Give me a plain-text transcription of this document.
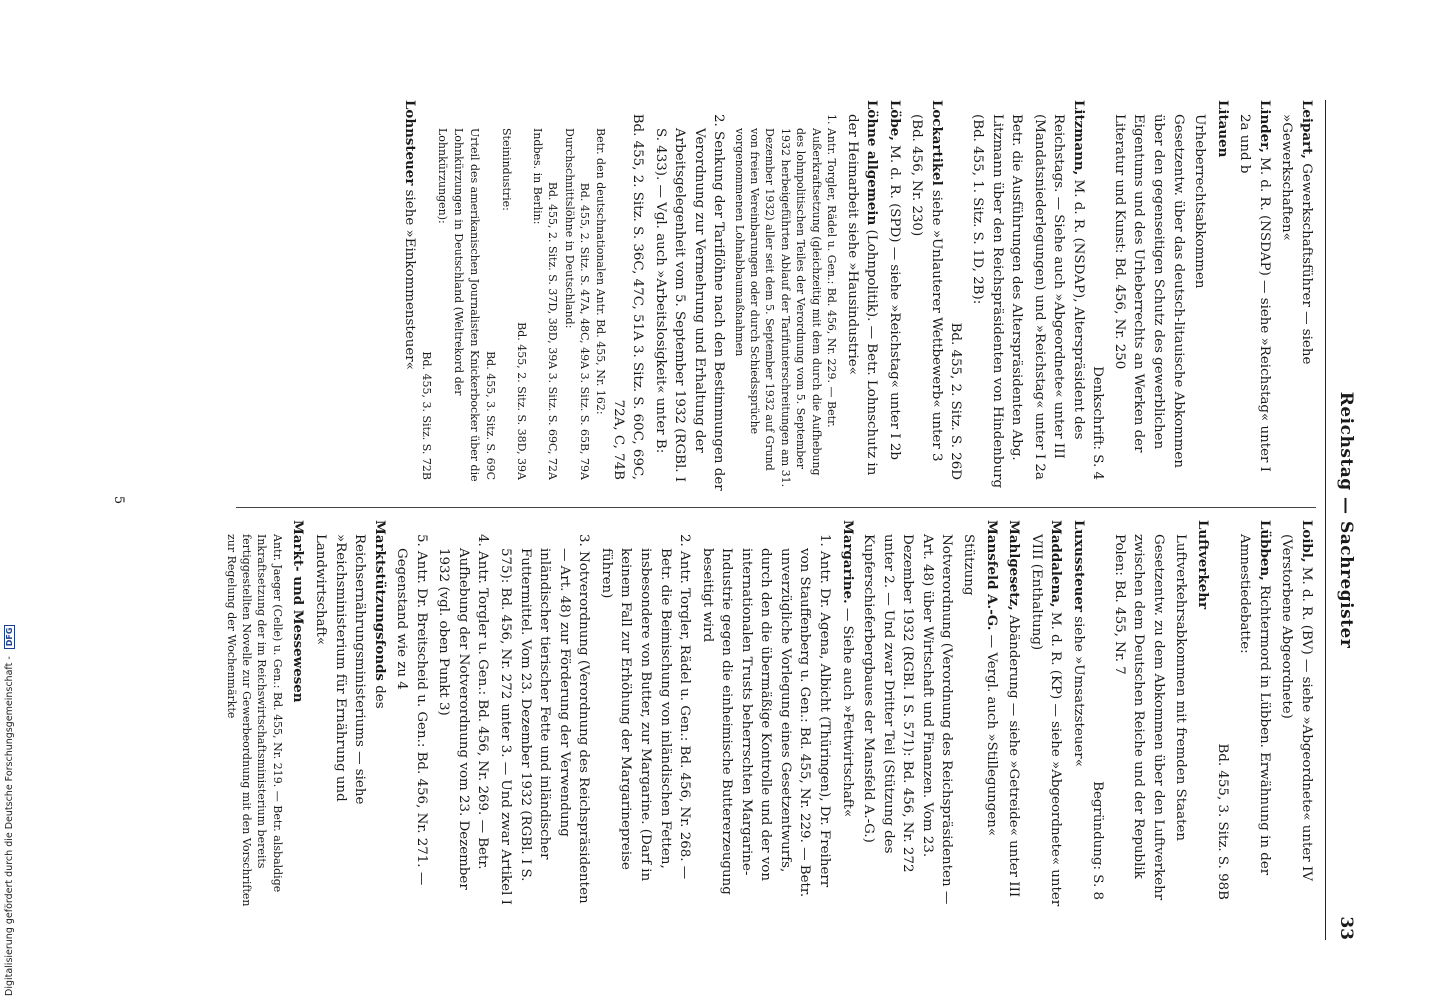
Reichstag — Sachregister
33
Leipart, Gewerkschaftsführer — siehe »Gewerkschaften«
Linder, M. d. R. (NSDAP) — siehe »Reichstag« unter I 2a und b
Litauen
Urheberrechtsabkommen
Gesetzentw. über das deutsch-litauische Abkommen über den gegenseitigen Schutz des gewerblichen Eigentums und des Urheberrechts an Werken der Literatur und Kunst: Bd. 456, Nr. 250
Denkschrift: S. 4
Litzmann, M. d. R. (NSDAP), Alterspräsident des Reichstags. — Siehe auch »Abgeordnete« unter III (Mandatsniederlegungen) und »Reichstag« unter I 2a
Betr. die Ausführungen des Alterspräsidenten Abg. Litzmann über den Reichspräsidenten von Hindenburg (Bd. 455, 1. Sitz. S. 1D, 2B):
Bd. 455, 2. Sitz. S. 26D
Lockartikel siehe »Unlauterer Wettbewerb« unter 3 (Bd. 456, Nr. 230)
Löbe, M. d. R. (SPD) — siehe »Reichstag« unter I 2b
Löhne allgemein (Lohnpolitik). — Betr. Lohnschutz in der Heimarbeit siehe »Hausindustrie«
1. Antr. Torgler, Rädel u. Gen.: Bd. 456, Nr. 229. — Betr. Außerkraftsetzung (gleichzeitig mit dem durch die Aufhebung des lohnpolitischen Teiles der Verordnung vom 5. September 1932 herbeigeführten Ablauf der Tarifunterschreitungen am 31. Dezember 1932) aller seit dem 5. September 1932 auf Grund von freien Vereinbarungen oder durch Schiedssprüche vorgenommenen Lohnabbaumaßnahmen
2. Senkung der Tariflöhne nach den Bestimmungen der Verordnung zur Vermehrung und Erhaltung der Arbeitsgelegenheit vom 5. September 1932 (RGBl. I S. 433). — Vgl. auch »Arbeitslosigkeit« unter B:
Bd. 455, 2. Sitz. S. 36C, 47C, 51A 3. Sitz. S. 60C, 69C, 72A, C, 74B
Betr. den deutschnationalen Antr. Bd. 455, Nr. 162:
Bd. 455, 2. Sitz. S. 47A, 48C, 49A 3. Sitz. S. 65B, 79A
Durchschnittslöhne in Deutschland:
Bd. 455, 2. Sitz. S. 37D, 38D, 39A 3. Sitz. S. 69C, 72A
Indbes. in Berlin:
Bd. 455, 2. Sitz. S. 38D, 39A
Steinindustrie:
Bd. 455, 3. Sitz. S. 69C
Urteil des amerikanischen Journalisten Knickerbocker über die Lohnkürzungen in Deutschland (Weltrekord der Lohnkürzungen):
Bd. 455, 3. Sitz. S. 72B
Lohnsteuer siehe »Einkommensteuer«
Loibl, M. d. R. (BV) — siehe »Abgeordnete« unter IV (Verstorbene Abgeordnete)
Lübben, Richtermord in Lübben. Erwähnung in der Amnestiedebatte:
Bd. 455, 3. Sitz. S. 98B
Luftverkehr
Luftverkehrsabkommen mit fremden Staaten
Gesetzentw. zu dem Abkommen über den Luftverkehr zwischen dem Deutschen Reiche und der Republik Polen: Bd. 455, Nr. 7
Begründung: S. 8
Luxussteuer siehe »Umsatzsteuer«
Maddalena, M. d. R. (KP) — siehe »Abgeordnete« unter VIII (Enthaltung)
Mahlgesetz, Abänderung — siehe »Getreide« unter III
Mansfeld A.-G. — Vergl. auch »Stillegungen«
Stützung
Notverordnung (Verordnung des Reichspräsidenten — Art. 48) über Wirtschaft und Finanzen. Vom 23. Dezember 1932 (RGBl. I S. 571): Bd. 456, Nr. 272 unter 2. — Und zwar Dritter Teil (Stützung des Kupferschieferbergbaues der Mansfeld A.-G.)
Margarine. — Siehe auch »Fettwirtschaft«
1. Antr. Dr. Agena, Albicht (Thüringen), Dr. Freiherr von Stauffenberg u. Gen.: Bd. 455, Nr. 229. — Betr. unverzügliche Vorlegung eines Gesetzentwurfs, durch den die übermäßige Kontrolle und der von internationalen Trusts beherrschten Margarine-Industrie gegen die einheimische Buttererzeugung beseitigt wird
2. Antr. Torgler, Rädel u. Gen.: Bd. 456, Nr. 268. — Betr. die Beimischung von inländischen Fetten, insbesondere von Butter, zur Margarine. (Darf in keinem Fall zur Erhöhung der Margarinepreise führen)
3. Notverordnung (Verordnung des Reichspräsidenten — Art. 48) zur Förderung der Verwendung inländischer tierischer Fette und inländischer Futtermittel. Vom 23. Dezember 1932 (RGBl. I S. 575): Bd. 456, Nr. 272 unter 3. — Und zwar Artikel I
4. Antr. Torgler u. Gen.: Bd. 456, Nr. 269. — Betr. Aufhebung der Notverordnung vom 23. Dezember 1932 (vgl. oben Punkt 3)
5. Antr. Dr. Breitscheid u. Gen.: Bd. 456, Nr. 271. — Gegenstand wie zu 4
Marktstützungsfonds des Reichsernährungsministeriums — siehe »Reichsministerium für Ernährung und Landwirtschaft«
Markt- und Messewesen
Antr. Jaeger (Celle) u. Gen.: Bd. 455, Nr. 219. — Betr. alsbaldige Inkraftsetzung der im Reichswirtschaftsministerium bereits fertiggestellten Novelle zur Gewerbeordnung mit den Vorschriften zur Regelung der Wochenmärkte
5
Digitalisierung gefördert durch die Deutsche Forschungsgemeinschaft - DFG
